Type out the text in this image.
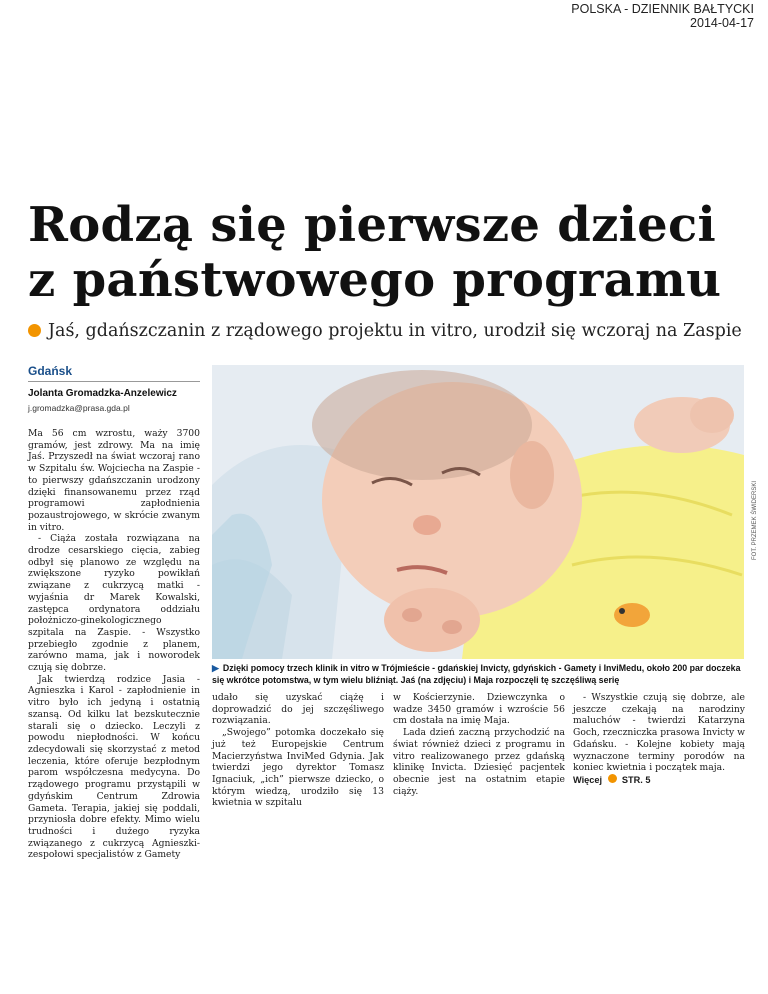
POLSKA - DZIENNIK BAŁTYCKI
2014-04-17
Rodzą się pierwsze dzieci
z państwowego programu

Jaś, gdańszczanin z rządowego projektu in vitro, urodził się wczoraj na Zaspie

Gdańsk

Jolanta Gromadzka-Anzelewicz

j.gromadzka@prasa.gda.pl

Ma 56 cm wzrostu, waży 3700 gramów, jest zdrowy. Ma na imię Jaś. Przyszedł na świat wczoraj rano w Szpitalu św. Wojciecha na Zaspie - to pierwszy gdańszczanin urodzony dzięki finansowanemu przez rząd programowi zapłodnienia pozaustrojowego, w skrócie zwanym in vitro.

- Ciąża została rozwiązana na drodze cesarskiego cięcia, zabieg odbył się planowo ze względu na zwiększone ryzyko powikłań związane z cukrzycą matki - wyjaśnia dr Marek Kowalski, zastępca ordynatora oddziału położniczo-ginekologicznego szpitala na Zaspie. - Wszystko przebiegło zgodnie z planem, zarówno mama, jak i noworodek czują się dobrze.

Jak twierdzą rodzice Jasia - Agnieszka i Karol - zapłodnienie in vitro było ich jedyną i ostatnią szansą. Od kilku lat bezskutecznie starali się o dziecko. Leczyli z powodu niepłodności. W końcu zdecydowali się skorzystać z metod leczenia, które oferuje bezpłodnym parom współczesna medycyna. Do rządowego programu przystąpili w gdyńskim Centrum Zdrowia Gameta. Terapia, jakiej się poddali, przyniosła dobre efekty. Mimo wielu trudności i dużego ryzyka związanego z cukrzycą Agnieszki- zespołowi specjalistów z Gamety

FOT. PRZEMEK ŚWIDERSKI

▶ Dzięki pomocy trzech klinik in vitro w Trójmieście - gdańskiej Invicty, gdyńskich - Gamety i InviMedu, około 200 par doczeka się wkrótce potomstwa, w tym wielu bliźniąt. Jaś (na zdjęciu) i Maja rozpoczęli tę szczęśliwą serię

udało się uzyskać ciążę i doprowadzić do jej szczęśliwego rozwiązania.

„Swojego” potomka doczekało się już też Europejskie Centrum Macierzyństwa InviMed Gdynia. Jak twierdzi jego dyrektor Tomasz Ignaciuk, „ich” pierwsze dziecko, o którym wiedzą, urodziło się 13 kwietnia w szpitalu

w Kościerzynie. Dziewczynka o wadze 3450 gramów i wzroście 56 cm dostała na imię Maja.

Lada dzień zaczną przychodzić na świat również dzieci z programu in vitro realizowanego przez gdańską klinikę Invicta. Dziesięć pacjentek obecnie jest na ostatnim etapie ciąży.

- Wszystkie czują się dobrze, ale jeszcze czekają na narodziny maluchów - twierdzi Katarzyna Goch, rzeczniczka prasowa Invicty w Gdańsku. - Kolejne kobiety mają wyznaczone terminy porodów na koniec kwietnia i początek maja.

Więcej STR. 5
